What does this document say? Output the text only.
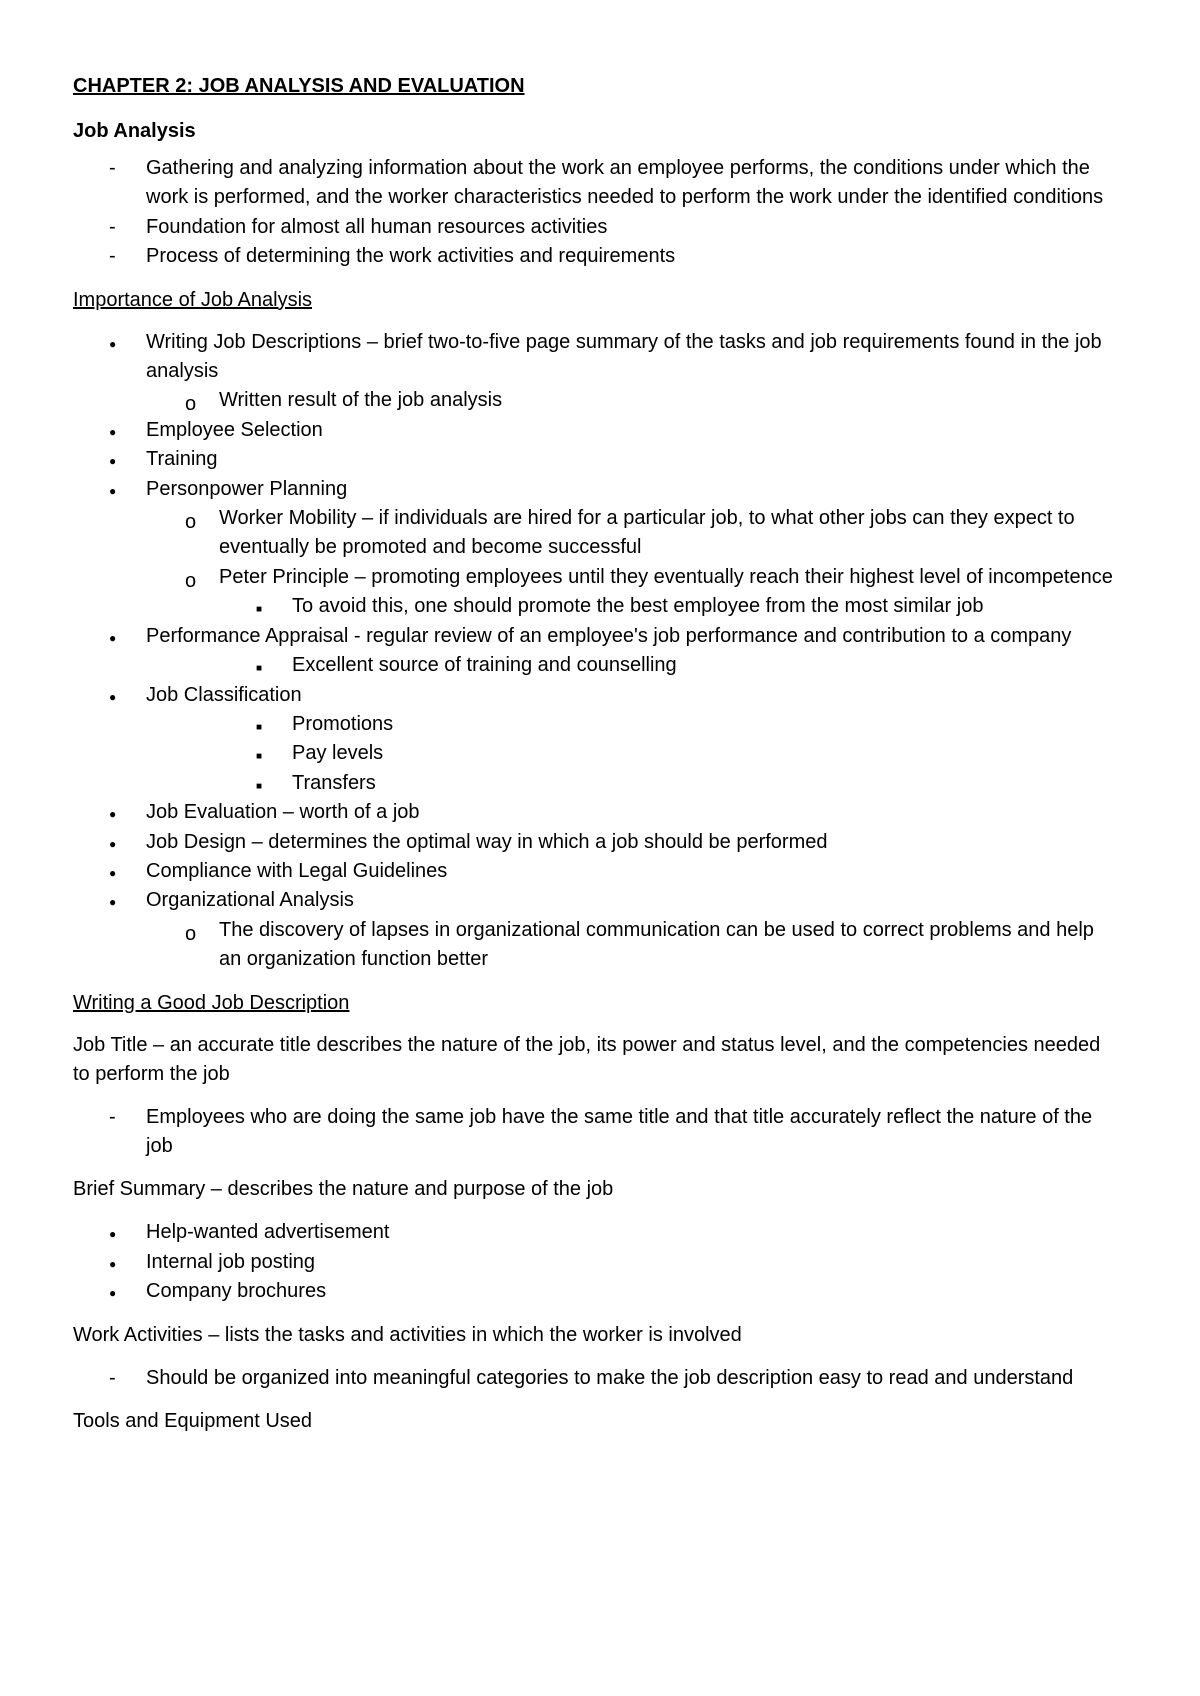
CHAPTER 2: JOB ANALYSIS AND EVALUATION
Job Analysis
- Gathering and analyzing information about the work an employee performs, the conditions under which the work is performed, and the worker characteristics needed to perform the work under the identified conditions
- Foundation for almost all human resources activities
- Process of determining the work activities and requirements
Importance of Job Analysis
● Writing Job Descriptions – brief two-to-five page summary of the tasks and job requirements found in the job analysis
o Written result of the job analysis
● Employee Selection
● Training
● Personpower Planning
o Worker Mobility – if individuals are hired for a particular job, to what other jobs can they expect to eventually be promoted and become successful
o Peter Principle – promoting employees until they eventually reach their highest level of incompetence
■ To avoid this, one should promote the best employee from the most similar job
● Performance Appraisal - regular review of an employee's job performance and contribution to a company
■ Excellent source of training and counselling
● Job Classification
■ Promotions
■ Pay levels
■ Transfers
● Job Evaluation – worth of a job
● Job Design – determines the optimal way in which a job should be performed
● Compliance with Legal Guidelines
● Organizational Analysis
o The discovery of lapses in organizational communication can be used to correct problems and help an organization function better
Writing a Good Job Description
Job Title – an accurate title describes the nature of the job, its power and status level, and the competencies needed to perform the job
- Employees who are doing the same job have the same title and that title accurately reflect the nature of the job
Brief Summary – describes the nature and purpose of the job
● Help-wanted advertisement
● Internal job posting
● Company brochures
Work Activities – lists the tasks and activities in which the worker is involved
- Should be organized into meaningful categories to make the job description easy to read and understand
Tools and Equipment Used
